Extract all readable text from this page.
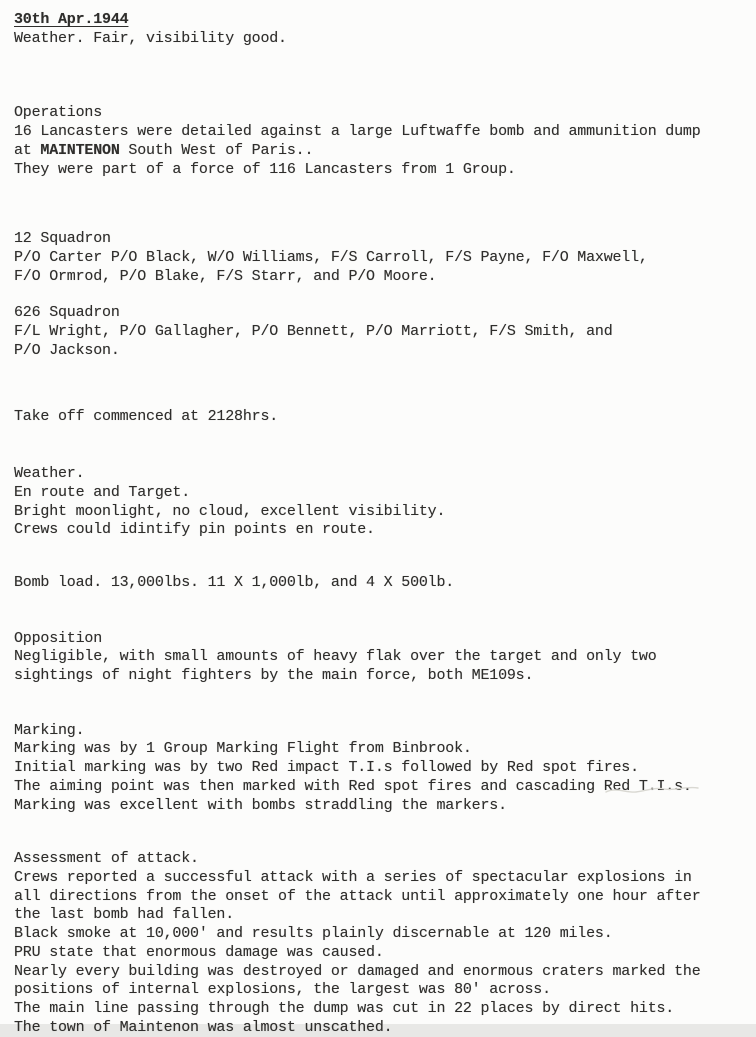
30th Apr.1944
Weather. Fair, visibility good.
Operations
16 Lancasters were detailed against a large Luftwaffe bomb and ammunition dump
at MAINTENON South West of Paris..
They were part of a force of 116 Lancasters from 1 Group.
12 Squadron
P/O Carter P/O Black, W/O Williams, F/S Carroll, F/S Payne, F/O Maxwell,
F/O Ormrod, P/O Blake, F/S Starr, and P/O Moore.
626 Squadron
F/L Wright, P/O Gallagher, P/O Bennett, P/O Marriott, F/S Smith, and
P/O Jackson.
Take off commenced at 2128hrs.
Weather.
En route and Target.
Bright moonlight, no cloud, excellent visibility.
Crews could idintify pin points en route.
Bomb load. 13,000lbs. 11 X 1,000lb, and 4 X 500lb.
Opposition
Negligible, with small amounts of heavy flak over the target and only two
sightings of night fighters by the main force, both ME109s.
Marking.
Marking was by 1 Group Marking Flight from Binbrook.
Initial marking was by two Red impact T.I.s followed by Red spot fires.
The aiming point was then marked with Red spot fires and cascading Red T.I.s.
Marking was excellent with bombs straddling the markers.
Assessment of attack.
Crews reported a successful attack with a series of spectacular explosions in
all directions from the onset of the attack until approximately one hour after
the last bomb had fallen.
Black smoke at 10,000' and results plainly discernable at 120 miles.
PRU state that enormous damage was caused.
Nearly every building was destroyed or damaged and enormous craters marked the
positions of internal explosions, the largest was 80' across.
The main line passing through the dump was cut in 22 places by direct hits.
The town of Maintenon was almost unscathed.
